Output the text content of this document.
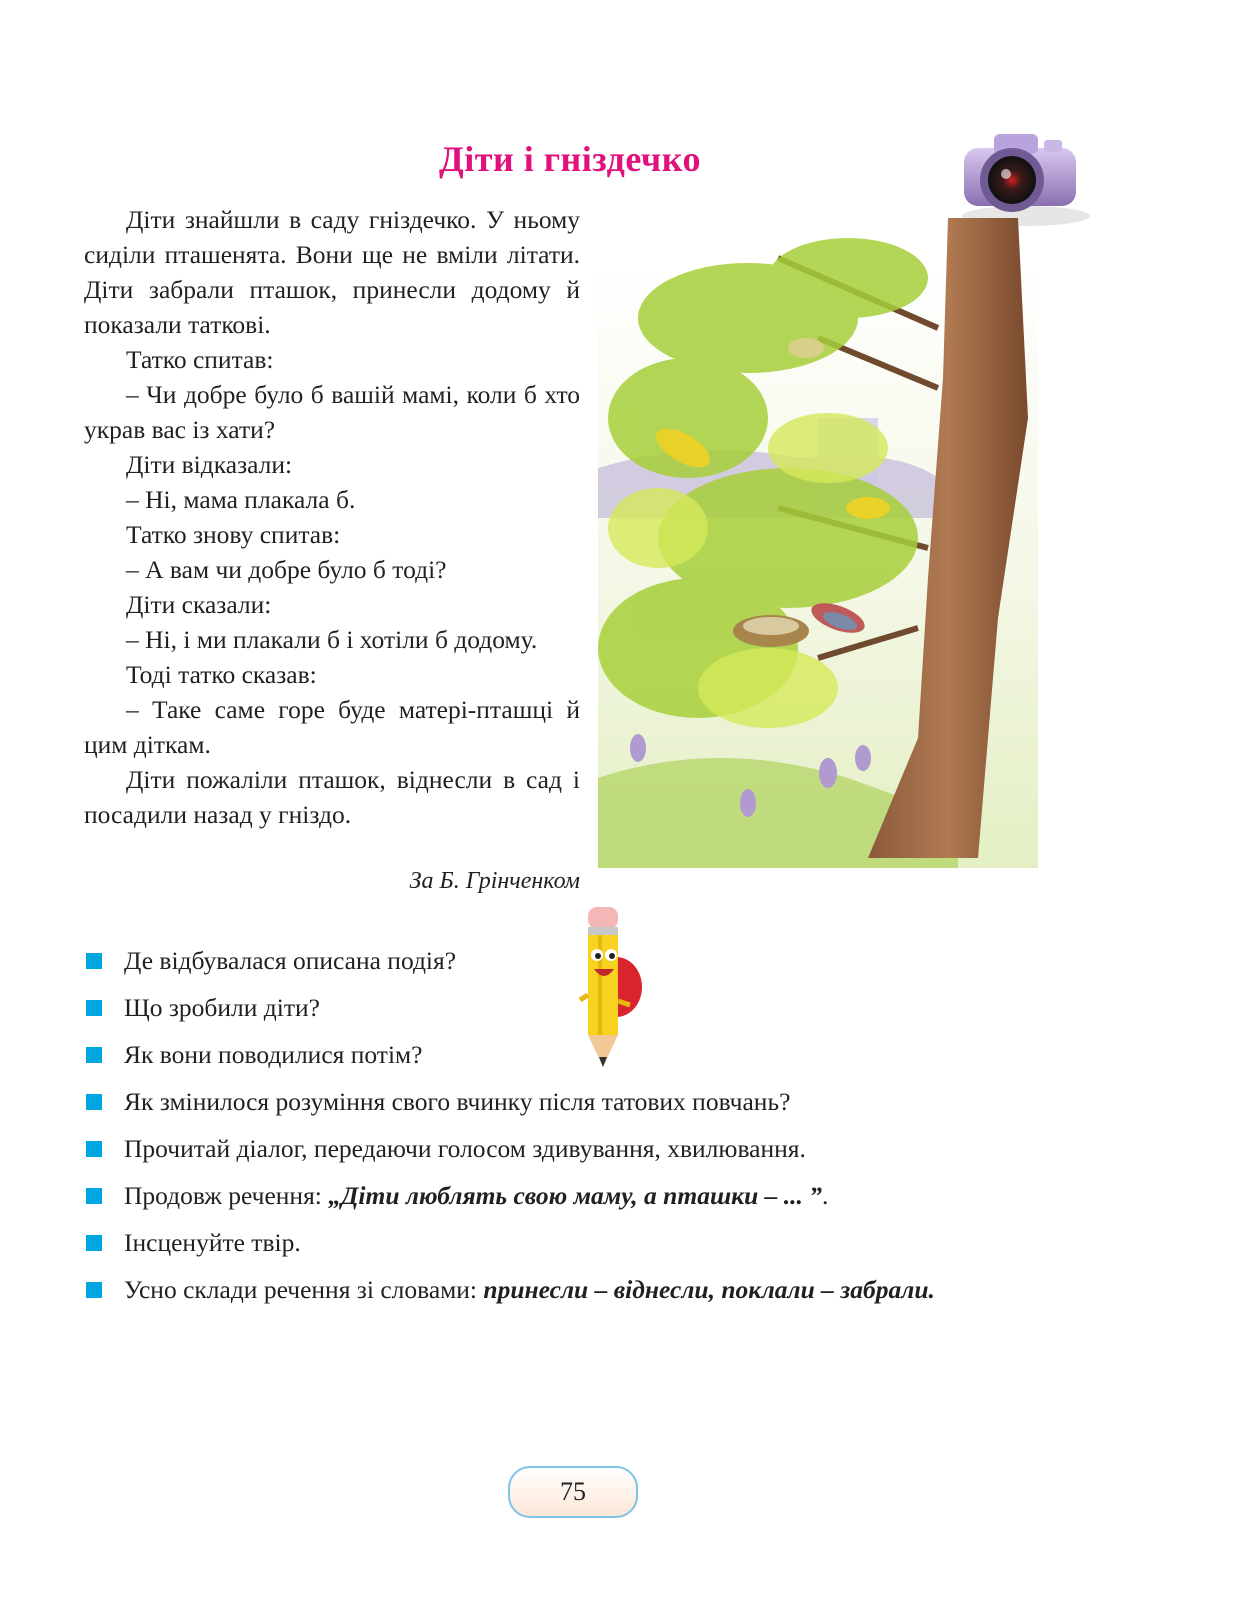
Діти і гніздечко

Діти знайшли в саду гніздечко. У ньому сиділи пташенята. Вони ще не вміли літати. Діти забрали пташок, принесли додому й показали таткові.

Татко спитав:

– Чи добре було б вашій мамі, коли б хто украв вас із хати?

Діти відказали:

– Ні, мама плакала б.

Татко знову спитав:

– А вам чи добре було б тоді?

Діти сказали:

– Ні, і ми плакали б і хотіли б додому.

Тоді татко сказав:

– Таке саме горе буде матері-пташці й цим діткам.

Діти пожаліли пташок, віднесли в сад і посадили назад у гніздо.

За Б. Грінченком
Де відбувалася описана подія?
Що зробили діти?
Як вони поводилися потім?
Як змінилося розуміння свого вчинку після татових повчань?
Прочитай діалог, передаючи голосом здивування, хвилювання.
Продовж речення: „Діти люблять свою маму, а пташки – ... ”.
Інсценуйте твір.
Усно склади речення зі словами: принесли – віднесли, поклали – забрали.
75
